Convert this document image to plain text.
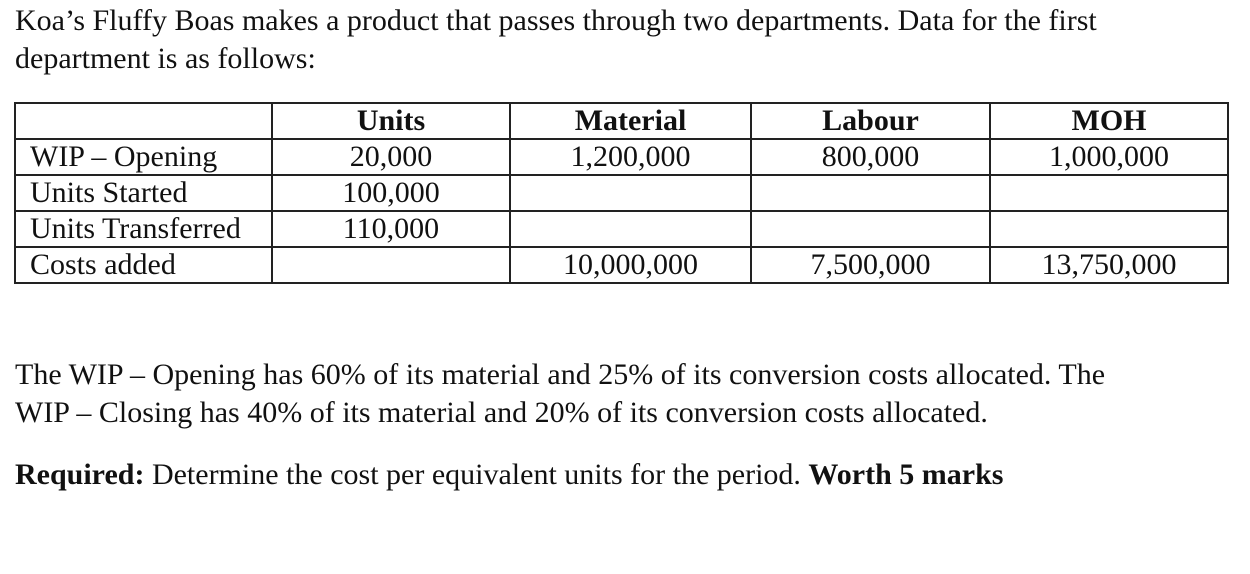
Koa’s Fluffy Boas makes a product that passes through two departments. Data for the first
department is as follows:

	Units	Material	Labour	MOH
WIP – Opening	20,000	1,200,000	800,000	1,000,000
Units Started	100,000			
Units Transferred	110,000			
Costs added		10,000,000	7,500,000	13,750,000

The WIP – Opening has 60% of its material and 25% of its conversion costs allocated. The
WIP – Closing has 40% of its material and 20% of its conversion costs allocated.

Required: Determine the cost per equivalent units for the period. Worth 5 marks
